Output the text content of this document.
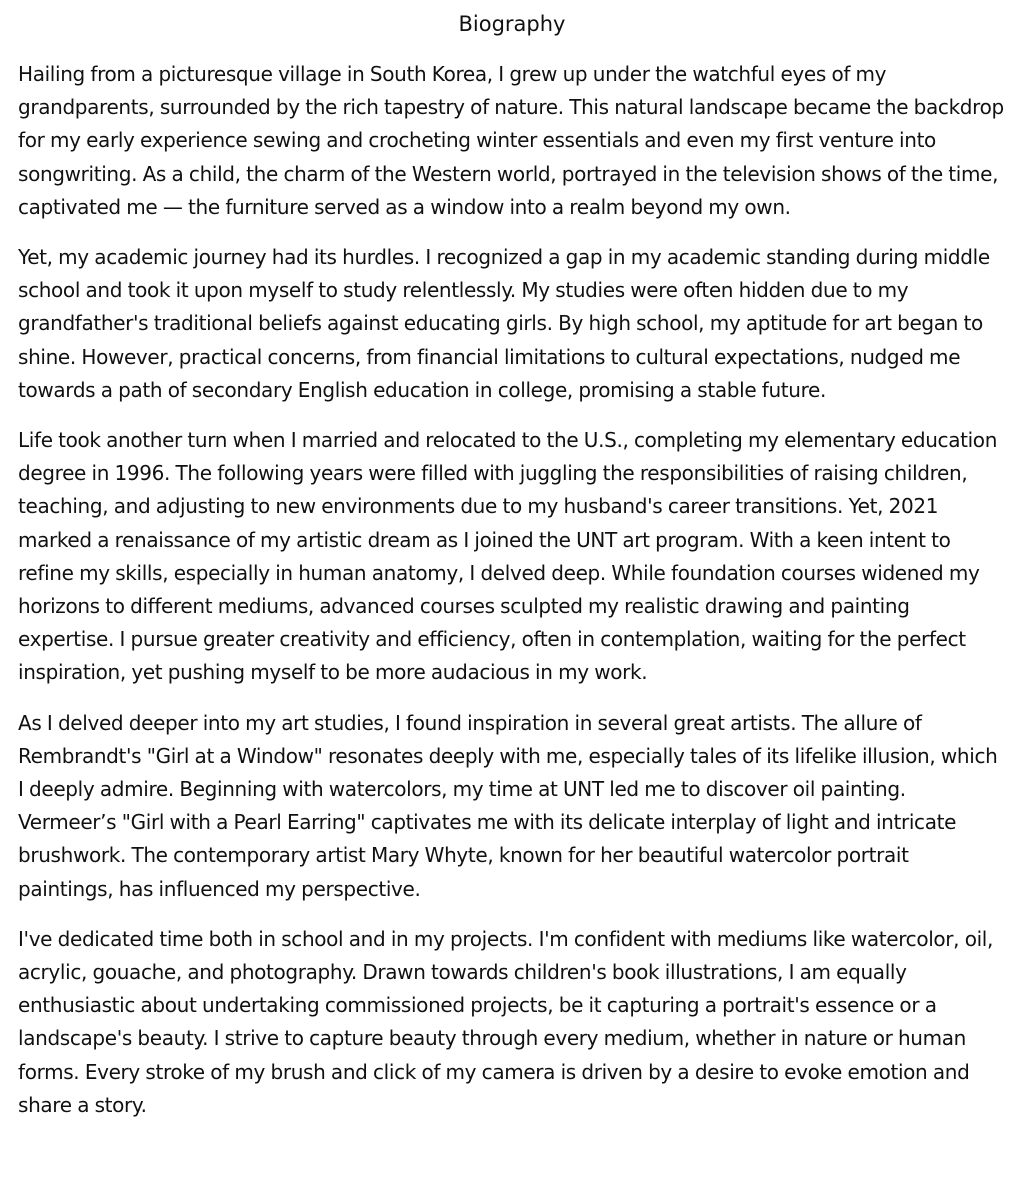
Biography

Hailing from a picturesque village in South Korea, I grew up under the watchful eyes of my grandparents, surrounded by the rich tapestry of nature. This natural landscape became the backdrop for my early experience sewing and crocheting winter essentials and even my first venture into songwriting. As a child, the charm of the Western world, portrayed in the television shows of the time, captivated me — the furniture served as a window into a realm beyond my own.

Yet, my academic journey had its hurdles. I recognized a gap in my academic standing during middle school and took it upon myself to study relentlessly. My studies were often hidden due to my grandfather's traditional beliefs against educating girls. By high school, my aptitude for art began to shine. However, practical concerns, from financial limitations to cultural expectations, nudged me towards a path of secondary English education in college, promising a stable future.

Life took another turn when I married and relocated to the U.S., completing my elementary education degree in 1996. The following years were filled with juggling the responsibilities of raising children, teaching, and adjusting to new environments due to my husband's career transitions. Yet, 2021 marked a renaissance of my artistic dream as I joined the UNT art program. With a keen intent to refine my skills, especially in human anatomy, I delved deep. While foundation courses widened my horizons to different mediums, advanced courses sculpted my realistic drawing and painting expertise. I pursue greater creativity and efficiency, often in contemplation, waiting for the perfect inspiration, yet pushing myself to be more audacious in my work.

As I delved deeper into my art studies, I found inspiration in several great artists. The allure of Rembrandt's "Girl at a Window" resonates deeply with me, especially tales of its lifelike illusion, which I deeply admire. Beginning with watercolors, my time at UNT led me to discover oil painting. Vermeer’s "Girl with a Pearl Earring" captivates me with its delicate interplay of light and intricate brushwork. The contemporary artist Mary Whyte, known for her beautiful watercolor portrait paintings, has influenced my perspective.

I've dedicated time both in school and in my projects. I'm confident with mediums like watercolor, oil, acrylic, gouache, and photography. Drawn towards children's book illustrations, I am equally enthusiastic about undertaking commissioned projects, be it capturing a portrait's essence or a landscape's beauty. I strive to capture beauty through every medium, whether in nature or human forms. Every stroke of my brush and click of my camera is driven by a desire to evoke emotion and share a story.
